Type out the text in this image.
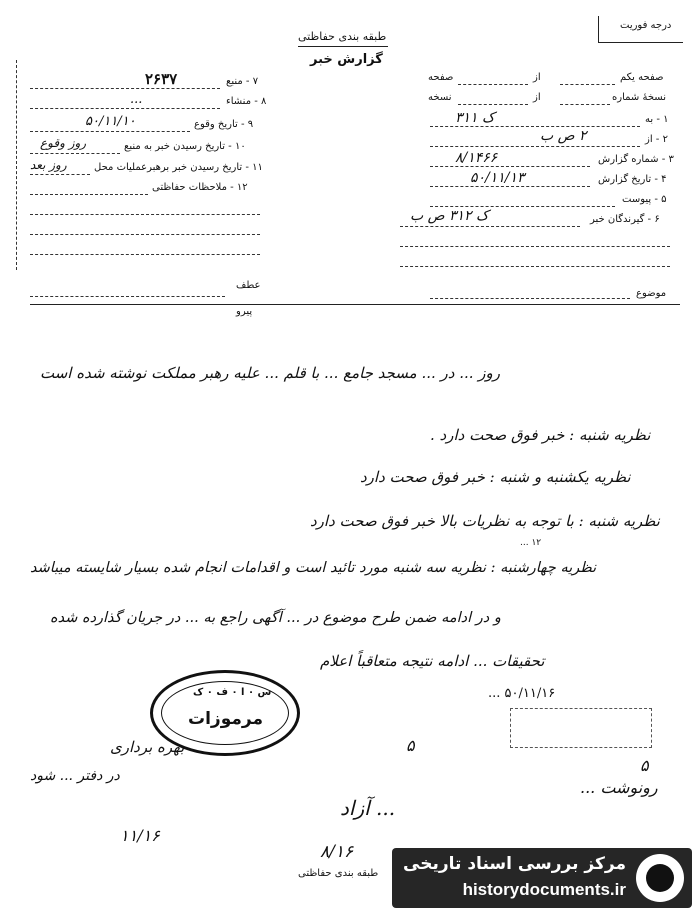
طبقه بندی حفاظتی
گزارش خبر
درجه فوریت
صفحه یکم
از
صفحه
نسخهٔ شماره
از
نسخه
۱ - به
ک ۳۱۱
۲ - از
۲ ص ب
۳ - شماره گزارش
۸/۱۴۶۶
۴ - تاریخ گزارش
۵۰/۱۱/۱۳
۵ - پیوست
۶ - گیرندگان خبر
ک ۳۱۲ ص ب
۷ - منبع
۲۶۳۷
۸ - منشاء
...
۹ - تاریخ وقوع
۵۰/۱۱/۱۰
۱۰ - تاریخ رسیدن خبر به منبع
روز وقوع
۱۱ - تاریخ رسیدن خبر برهبرعملیات محل
روز بعد
۱۲ - ملاحظات حفاظتی
موضوع
عطف
پیرو
روز ... در ... مسجد جامع ... با قلم ... علیه رهبر مملکت نوشته شده است
نظریه شنبه : خبر فوق صحت دارد .
نظریه یکشنبه و شنبه : خبر فوق صحت دارد
نظریه شنبه : با توجه به نظریات بالا خبر فوق صحت دارد
نظریه چهارشنبه : نظریه سه شنبه مورد تائید است و اقدامات انجام شده بسیار شایسته میباشد
و در ادامه ضمن طرح موضوع در ... آگهی راجع به ... در جریان گذارده شده
تحقیقات ... ادامه نتیجه متعاقباً اعلام
۱۲ ...
س ۰ ا ۰ ف ۰ ک
مرموزات
۵۰/۱۱/۱۶ ...
بهره برداری
در دفتر ... شود
۱۱/۱۶
۵
... آزاد
۸/۱۶
۵
رونوشت ...
طبقه بندی حفاظتی مرکز بررسی اسناد تاریخی
historydocuments.ir
